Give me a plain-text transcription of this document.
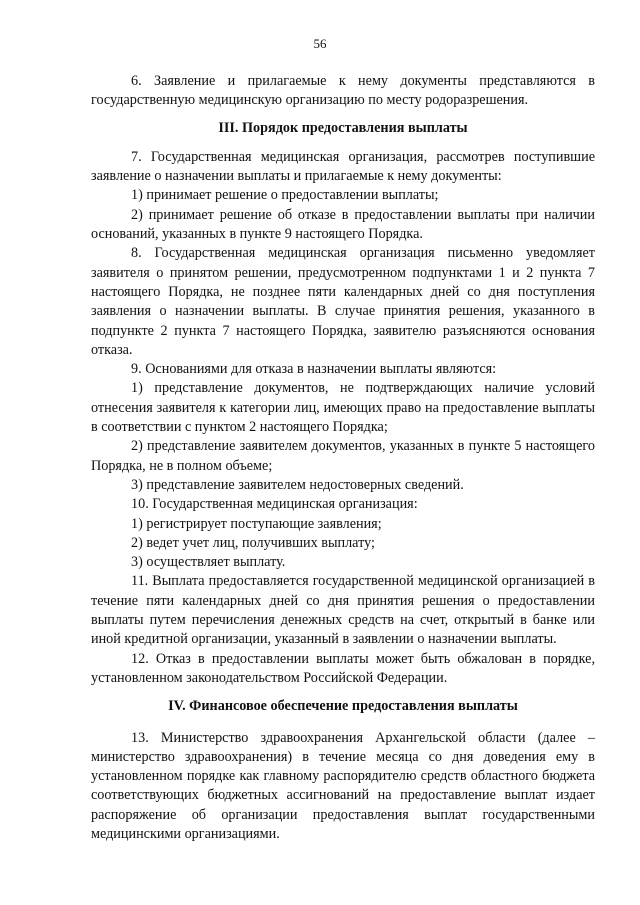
56

6. Заявление и прилагаемые к нему документы представляются в государственную медицинскую организацию по месту родоразрешения.

III. Порядок предоставления выплаты

7. Государственная медицинская организация, рассмотрев поступившие заявление о назначении выплаты и прилагаемые к нему документы:

1) принимает решение о предоставлении выплаты;

2) принимает решение об отказе в предоставлении выплаты при наличии оснований, указанных в пункте 9 настоящего Порядка.

8. Государственная медицинская организация письменно уведомляет заявителя о принятом решении, предусмотренном подпунктами 1 и 2 пункта 7 настоящего Порядка, не позднее пяти календарных дней со дня поступления заявления о назначении выплаты. В случае принятия решения, указанного в подпункте 2 пункта 7 настоящего Порядка, заявителю разъясняются основания отказа.

9. Основаниями для отказа в назначении выплаты являются:

1) представление документов, не подтверждающих наличие условий отнесения заявителя к категории лиц, имеющих право на предоставление выплаты в соответствии с пунктом 2 настоящего Порядка;

2) представление заявителем документов, указанных в пункте 5 настоящего Порядка, не в полном объеме;

3) представление заявителем недостоверных сведений.

10. Государственная медицинская организация:

1) регистрирует поступающие заявления;

2) ведет учет лиц, получивших выплату;

3) осуществляет выплату.

11. Выплата предоставляется государственной медицинской организацией в течение пяти календарных дней со дня принятия решения о предоставлении выплаты путем перечисления денежных средств на счет, открытый в банке или иной кредитной организации, указанный в заявлении о назначении выплаты.

12. Отказ в предоставлении выплаты может быть обжалован в порядке, установленном законодательством Российской Федерации.

IV. Финансовое обеспечение предоставления выплаты

13. Министерство здравоохранения Архангельской области (далее – министерство здравоохранения) в течение месяца со дня доведения ему в установленном порядке как главному распорядителю средств областного бюджета соответствующих бюджетных ассигнований на предоставление выплат издает распоряжение об организации предоставления выплат государственными медицинскими организациями.
